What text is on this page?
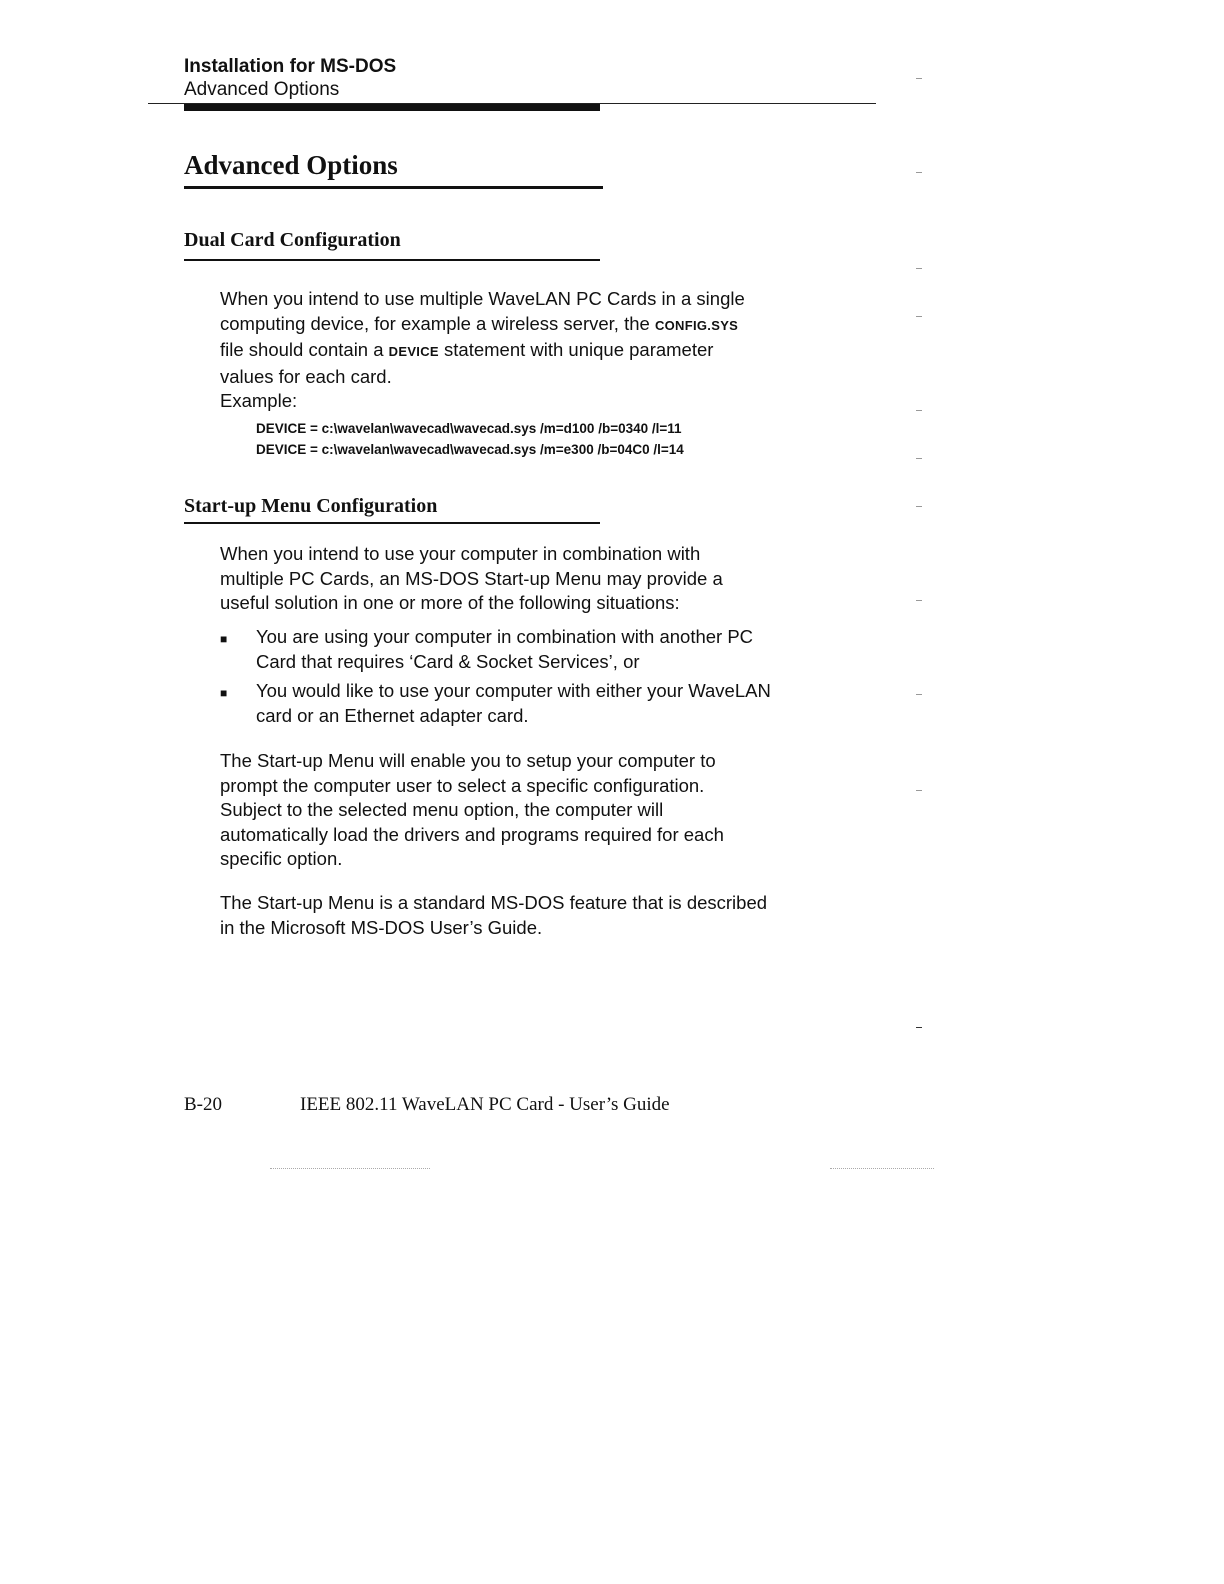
Installation for MS-DOS
Advanced Options
Advanced Options
Dual Card Configuration

When you intend to use multiple WaveLAN PC Cards in a single

computing device, for example a wireless server, the CONFIG.SYS

file should contain a DEVICE statement with unique parameter

values for each card.

Example:

DEVICE = c:\wavelan\wavecad\wavecad.sys /m=d100 /b=0340 /l=11
DEVICE = c:\wavelan\wavecad\wavecad.sys /m=e300 /b=04C0 /l=14
Start-up Menu Configuration

When you intend to use your computer in combination with

multiple PC Cards, an MS-DOS Start-up Menu may provide a

useful solution in one or more of the following situations:

■	You are using your computer in combination with another PC
Card that requires ‘Card & Socket Services’, or
■	You would like to use your computer with either your WaveLAN
card or an Ethernet adapter card.

The Start-up Menu will enable you to setup your computer to

prompt the computer user to select a specific configuration.

Subject to the selected menu option, the computer will

automatically load the drivers and programs required for each

specific option.

The Start-up Menu is a standard MS-DOS feature that is described

in the Microsoft MS-DOS User’s Guide.

B-20	IEEE 802.11 WaveLAN PC Card - User’s Guide
